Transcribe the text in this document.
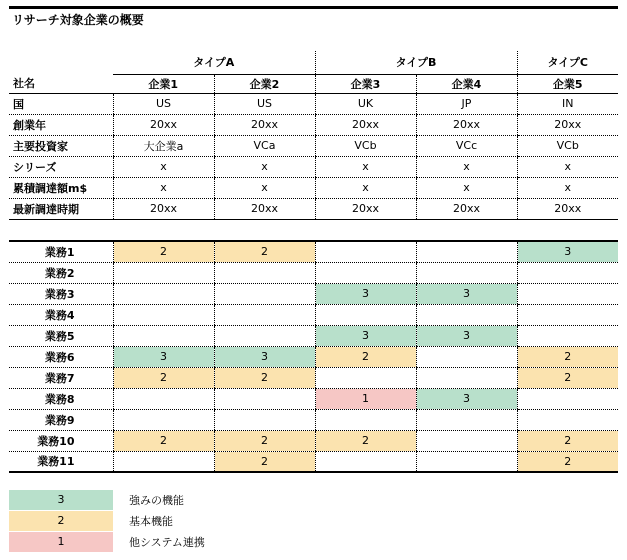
リサーチ対象企業の概要
	タイプA		タイプB		タイプC
社名	企業1	企業2	企業3	企業4	企業5
国	US	US	UK	JP	IN
創業年	20xx	20xx	20xx	20xx	20xx
主要投資家	大企業a	VCa	VCb	VCc	VCb
シリーズ	x	x	x	x	x
累積調達額m$	x	x	x	x	x
最新調達時期	20xx	20xx	20xx	20xx	20xx
業務1	2	2			3
業務2					
業務3			3	3	
業務4					
業務5			3	3	
業務6	3	3	2		2
業務7	2	2			2
業務8			1	3	
業務9					
業務10	2	2	2		2
業務11		2			2
3	強みの機能
2	基本機能
1	他システム連携
